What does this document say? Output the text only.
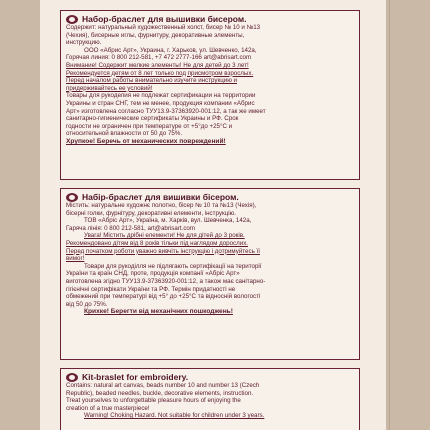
Набор-браслет для вышивки бисером.
Содержит: натуральный художественный холст, бисер № 10 и №13
(Чехия), бисерные иглы, фурнитуру, декоративные элементы,
инструкцию.
ООО «Абрис Арт», Украина, г. Харьков, ул. Шевченко, 142а,
Горячая линия: 0 800 212-581, +7 472 2777-166 art@abrisart.com
Внимание! Содержит мелкие элементы! Не для детей до 3 лет!
Рекомендуется детям от 8 лет только под присмотром взрослых.
Перед началом работы внимательно изучите инструкцию и
придерживайтесь ее условий!
Товары для рукоделия не подлежат сертификации на территории
Украины и стран СНГ, тем не менее, продукция компании «Абрис
Арт» изготовлена согласно ТУУ13.9-37363920-001:12, а так же имеет
санитарно-гигиенические сертификаты Украины и РФ. Срок
годности не ограничен при температуре от +5°до +25°С и
относительной влажности от 50 до 75%.
Хрупкое! Беречь от механических повреждений!
Набір-браслет для вишивки бісером.
Містить: натуральне художнє полотно, бісер № 10 та №13 (Чехія),
бісерні голки, фурнітуру, декоративні елементи, інструкцію.
ТОВ «Абріс Арт», Україна, м. Харків, вул. Шевченка, 142а,
Гаряча лінія: 0 800 212-581, art@abrisart.com
Увага! Містить дрібні елементи! Не для дітей до 3 років.
Рекомендовано дітям від 8 років тільки під наглядом дорослих.
Перед початком роботи уважно вивчіть інструкцію і дотримуйтесь її
вимог!
Товари для рукоділля не підлягають сертифікації на території
України та країн СНД, проте, продукція компанії «Абріс Арт»
виготовлена згідно ТУУ13.9-37363920-001:12, а також має санітарно-
гігієнічні сертифікати України та РФ. Термін придатності не
обмежений при температурі від +5° до +25°С та вiдносній вологості
від 50 до 75%.
Крихке! Берегти від механічних пошкоджень!
Kit-braslet for embroidery.
Contains: natural art canvas, beads number 10 and number 13 (Czech
Republic), beaded needles, buckle, decorative elements, instruction.
Treat yourselves to unforgettable pleasure hours of enjoying the
creation of a true masterpiece!
Warning! Choking Hazard. Not suitable for children under 3 years.
